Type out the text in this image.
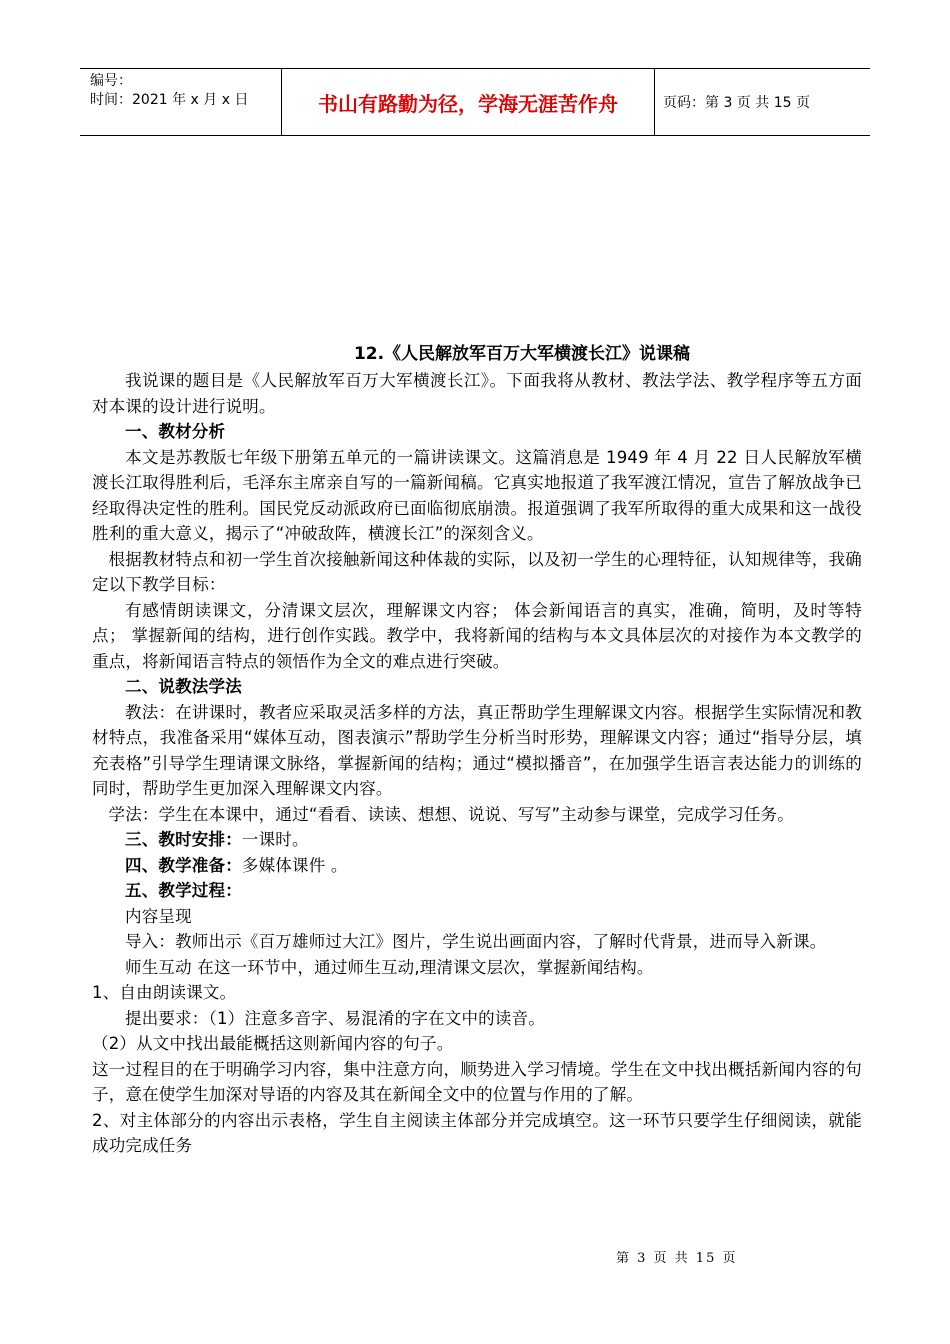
编号：
时间：2021 年 x 月 x 日	书山有路勤为径，学海无涯苦作舟	页码：第 3 页 共 15 页
12.《人民解放军百万大军横渡长江》说课稿

我说课的题目是《人民解放军百万大军横渡长江》。下面我将从教材、教法学法、教学程序等五方面对本课的设计进行说明。

一、教材分析

本文是苏教版七年级下册第五单元的一篇讲读课文。这篇消息是 1949 年 4 月 22 日人民解放军横渡长江取得胜利后，毛泽东主席亲自写的一篇新闻稿。它真实地报道了我军渡江情况，宣告了解放战争已经取得决定性的胜利。国民党反动派政府已面临彻底崩溃。报道强调了我军所取得的重大成果和这一战役胜利的重大意义，揭示了“冲破敌阵，横渡长江”的深刻含义。

根据教材特点和初一学生首次接触新闻这种体裁的实际，以及初一学生的心理特征，认知规律等，我确定以下教学目标：

有感情朗读课文，分清课文层次，理解课文内容； 体会新闻语言的真实，准确，简明，及时等特点； 掌握新闻的结构，进行创作实践。教学中，我将新闻的结构与本文具体层次的对接作为本文教学的重点，将新闻语言特点的领悟作为全文的难点进行突破。

二、说教法学法

教法：在讲课时，教者应采取灵活多样的方法，真正帮助学生理解课文内容。根据学生实际情况和教材特点，我准备采用“媒体互动，图表演示”帮助学生分析当时形势，理解课文内容；通过“指导分层，填充表格”引导学生理请课文脉络，掌握新闻的结构；通过“模拟播音”，在加强学生语言表达能力的训练的同时，帮助学生更加深入理解课文内容。

学法：学生在本课中，通过“看看、读读、想想、说说、写写”主动参与课堂，完成学习任务。

三、教时安排：一课时。

四、教学准备：多媒体课件 。

五、教学过程：

内容呈现

导入：教师出示《百万雄师过大江》图片，学生说出画面内容，了解时代背景，进而导入新课。

师生互动 在这一环节中，通过师生互动,理清课文层次，掌握新闻结构。

1、自由朗读课文。

提出要求：（1）注意多音字、易混淆的字在文中的读音。

（2）从文中找出最能概括这则新闻内容的句子。

这一过程目的在于明确学习内容，集中注意方向，顺势进入学习情境。学生在文中找出概括新闻内容的句子，意在使学生加深对导语的内容及其在新闻全文中的位置与作用的了解。

2、对主体部分的内容出示表格，学生自主阅读主体部分并完成填空。这一环节只要学生仔细阅读，就能成功完成任务

第 3 页 共 15 页
